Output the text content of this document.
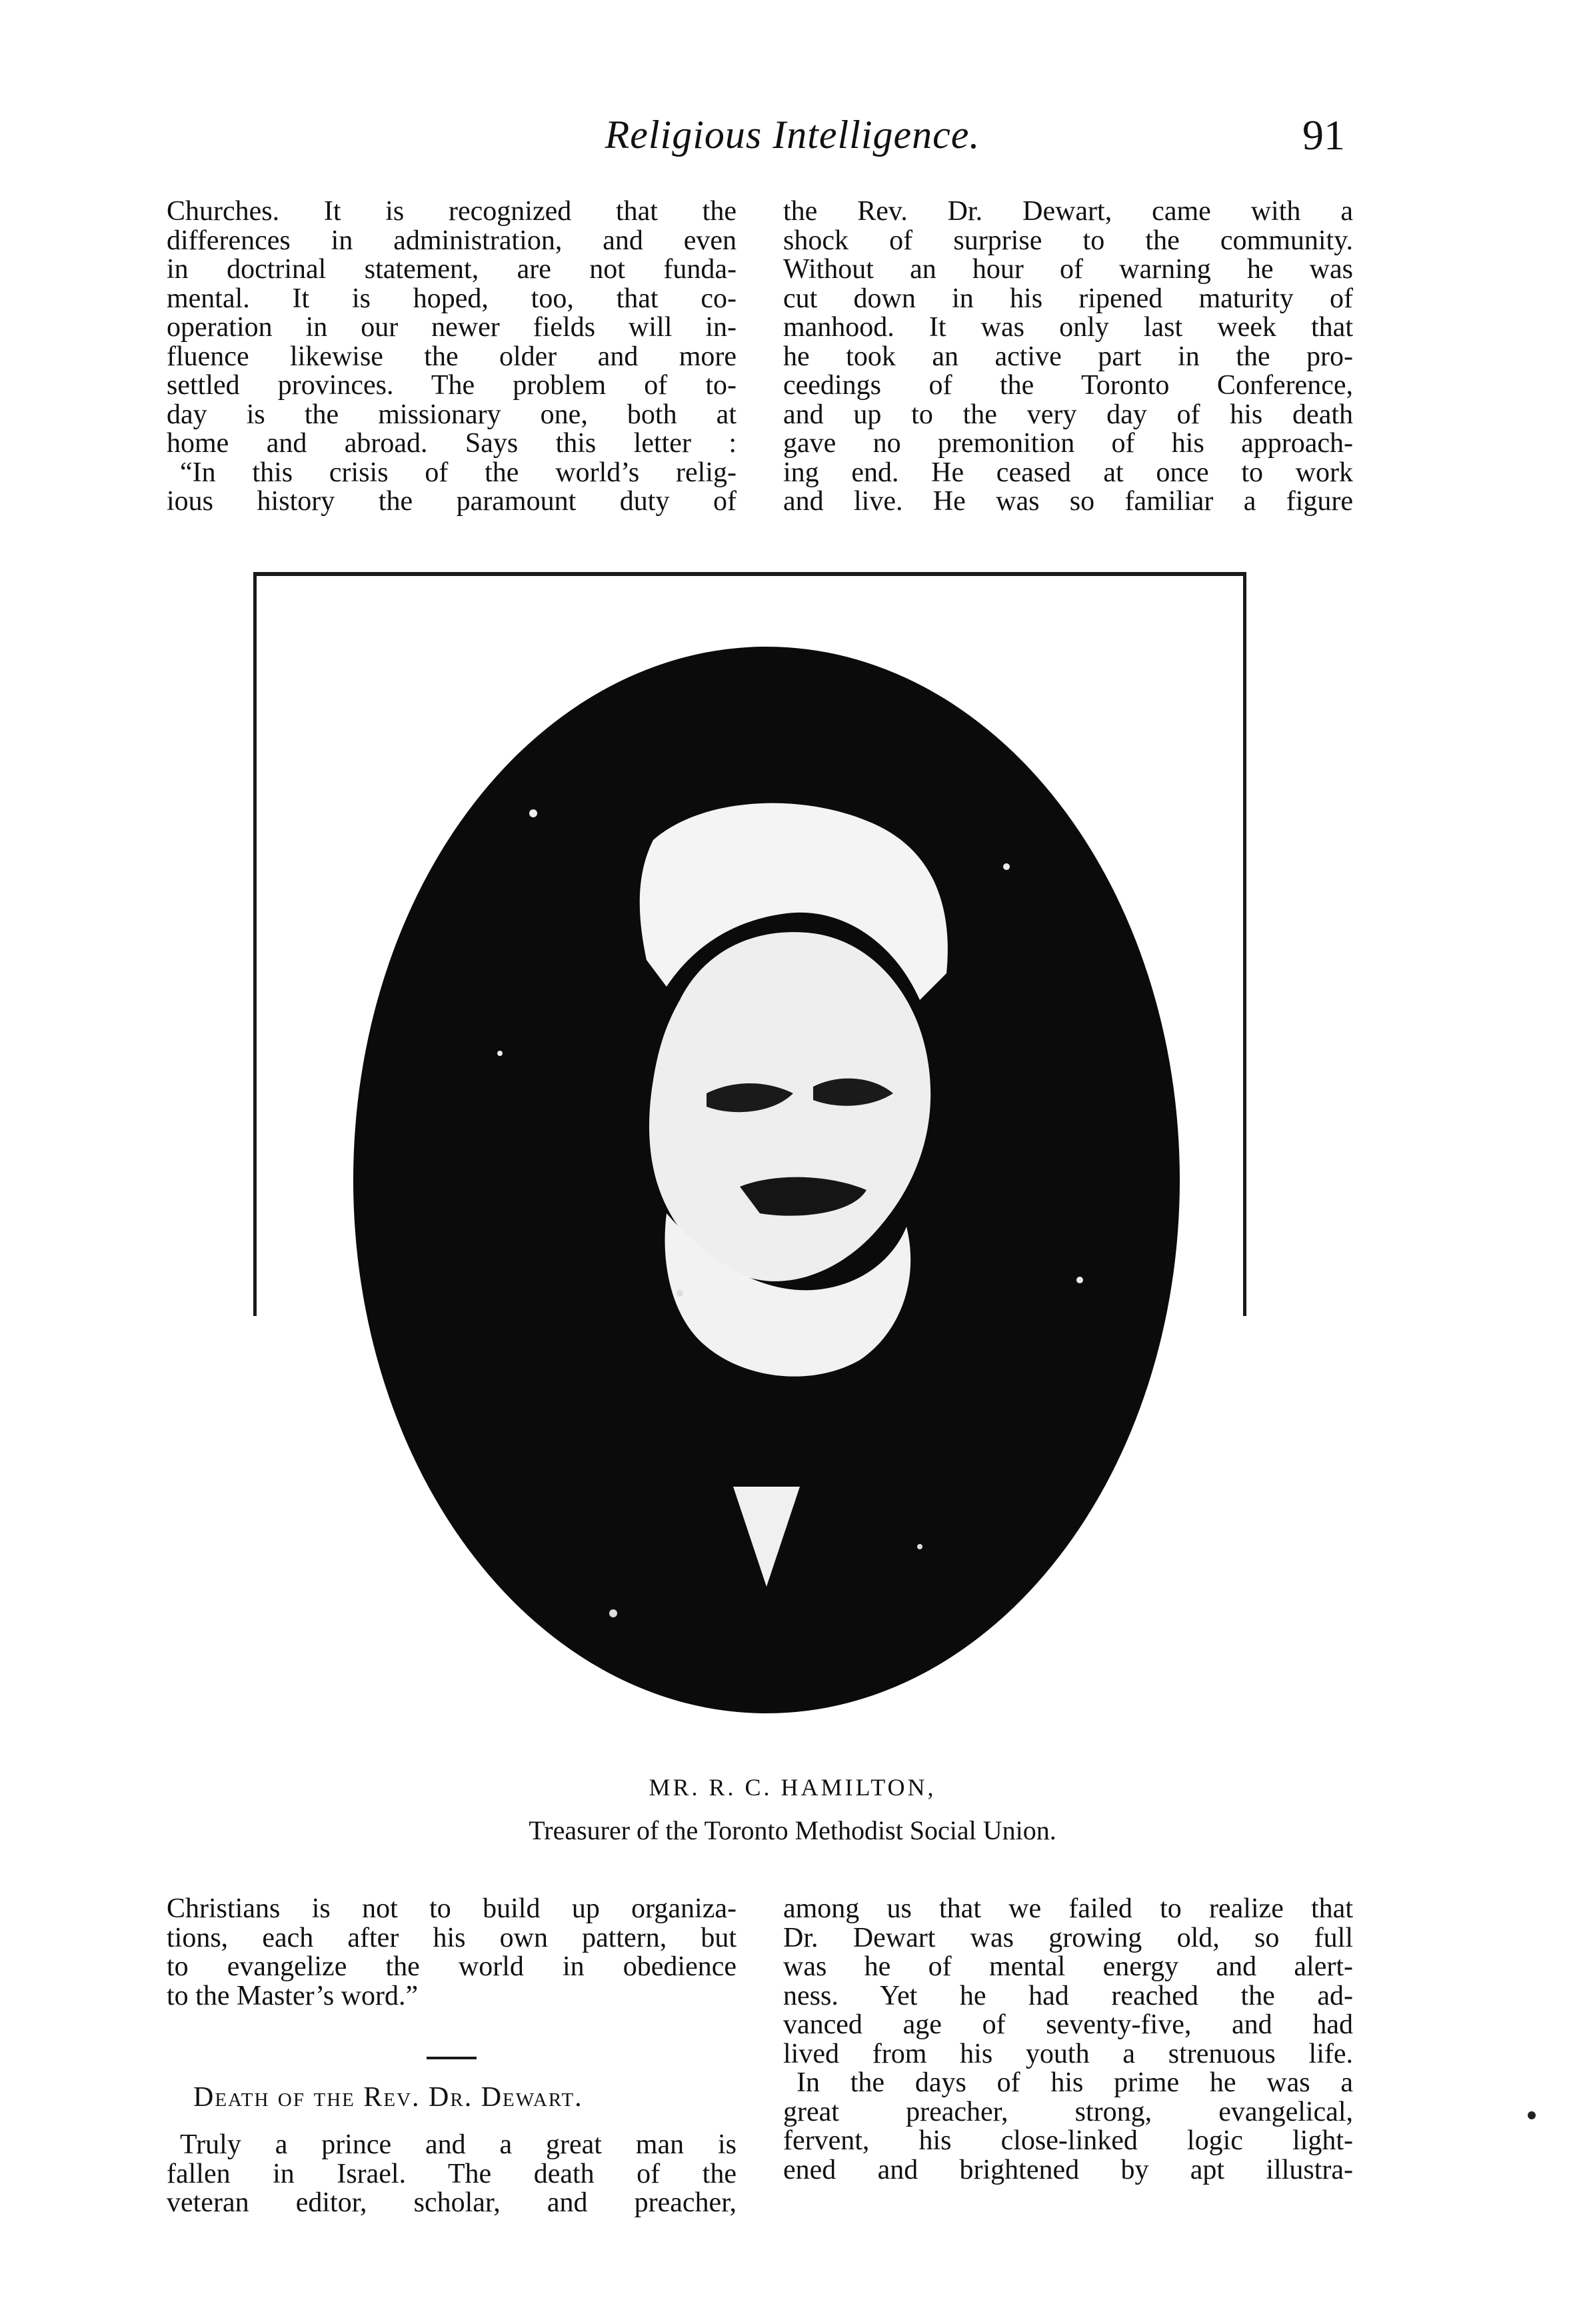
Religious Intelligence.	91
Churches. It is recognized that the
differences in administration, and even
in doctrinal statement, are not funda-
mental. It is hoped, too, that co-
operation in our newer fields will in-
fluence likewise the older and more
settled provinces. The problem of to-
day is the missionary one, both at
home and abroad. Says this letter :
“In this crisis of the world’s relig-
ious history the paramount duty of
the Rev. Dr. Dewart, came with a
shock of surprise to the community.
Without an hour of warning he was
cut down in his ripened maturity of
manhood. It was only last week that
he took an active part in the pro-
ceedings of the Toronto Conference,
and up to the very day of his death
gave no premonition of his approach-
ing end. He ceased at once to work
and live. He was so familiar a figure
MR. R. C. HAMILTON,
Treasurer of the Toronto Methodist Social Union.
Christians is not to build up organiza-
tions, each after his own pattern, but
to evangelize the world in obedience
to the Master’s word.”
Death of the Rev. Dr. Dewart.
Truly a prince and a great man is
fallen in Israel. The death of the
veteran editor, scholar, and preacher,
among us that we failed to realize that
Dr. Dewart was growing old, so full
was he of mental energy and alert-
ness. Yet he had reached the ad-
vanced age of seventy-five, and had
lived from his youth a strenuous life.
In the days of his prime he was a
great preacher, strong, evangelical,
fervent, his close-linked logic light-
ened and brightened by apt illustra-
